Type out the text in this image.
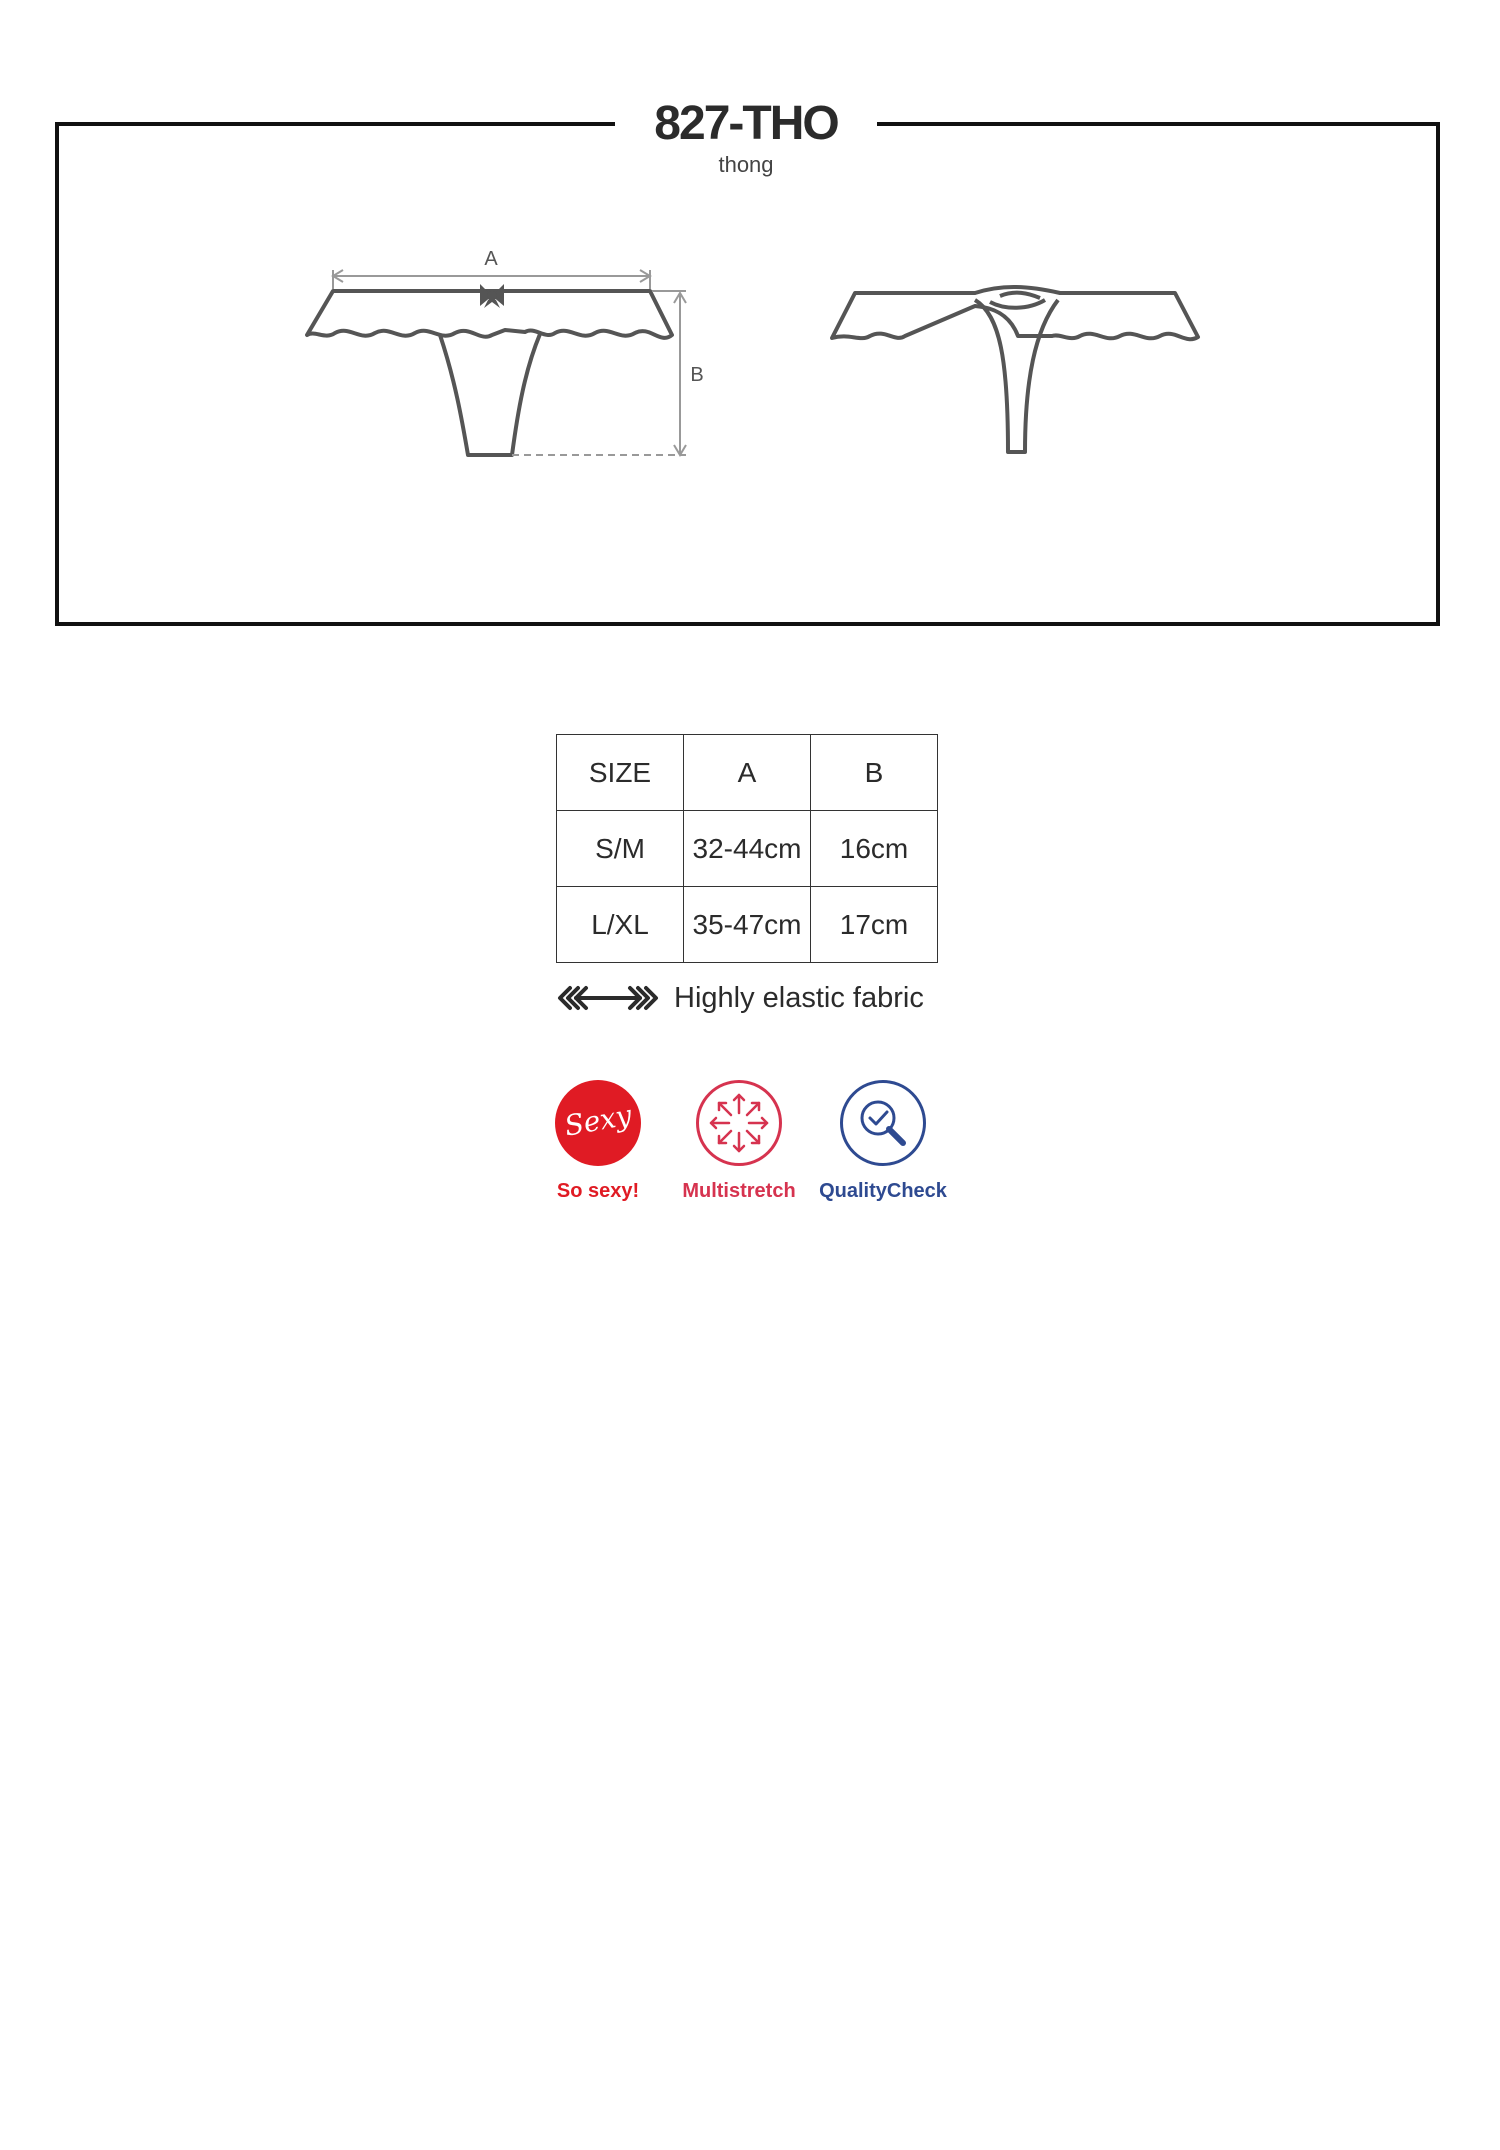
827-THO
thong
A
B
SIZE	A	B
S/M	32-44cm	16cm
L/XL	35-47cm	17cm
Highly elastic fabric
Sexy
So sexy!	Multistretch	QualityCheck
